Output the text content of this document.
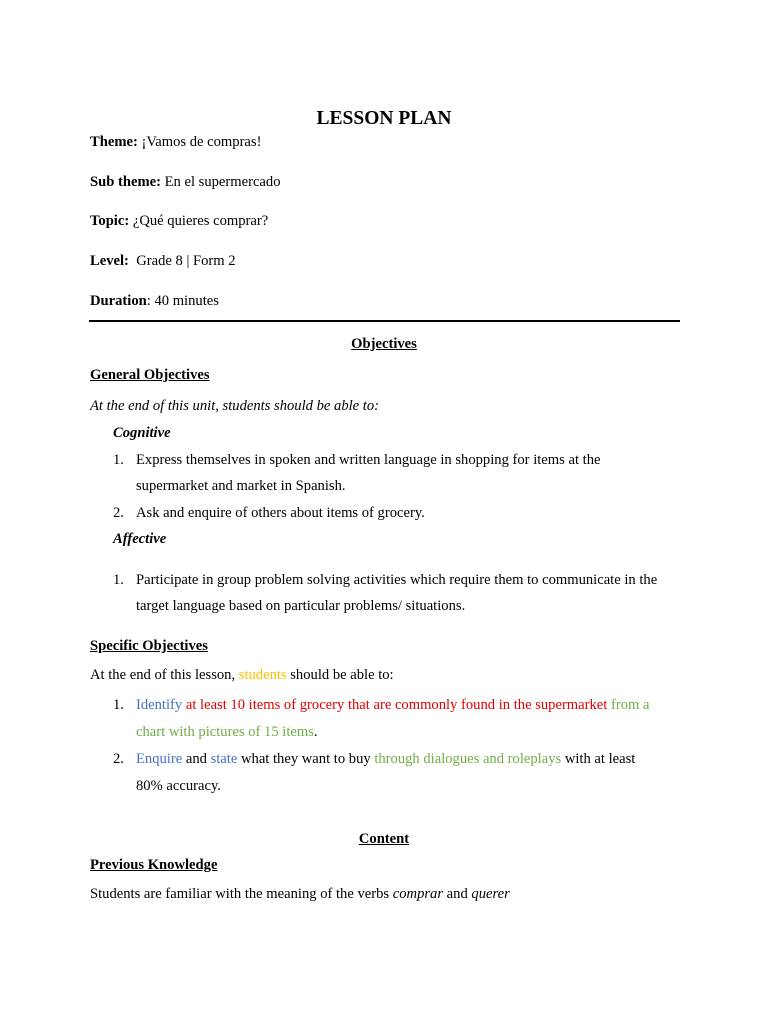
LESSON PLAN
Theme: ¡Vamos de compras!
Sub theme: En el supermercado
Topic: ¿Qué quieres comprar?
Level: Grade 8 | Form 2
Duration: 40 minutes
Objectives
General Objectives
At the end of this unit, students should be able to:
Cognitive
1. Express themselves in spoken and written language in shopping for items at the
supermarket and market in Spanish.
2. Ask and enquire of others about items of grocery.
Affective
1. Participate in group problem solving activities which require them to communicate in the
target language based on particular problems/ situations.
Specific Objectives
At the end of this lesson, students should be able to:
1. Identify at least 10 items of grocery that are commonly found in the supermarket from a
chart with pictures of 15 items.
2. Enquire and state what they want to buy through dialogues and roleplays with at least
80% accuracy.
Content
Previous Knowledge
Students are familiar with the meaning of the verbs comprar and querer
